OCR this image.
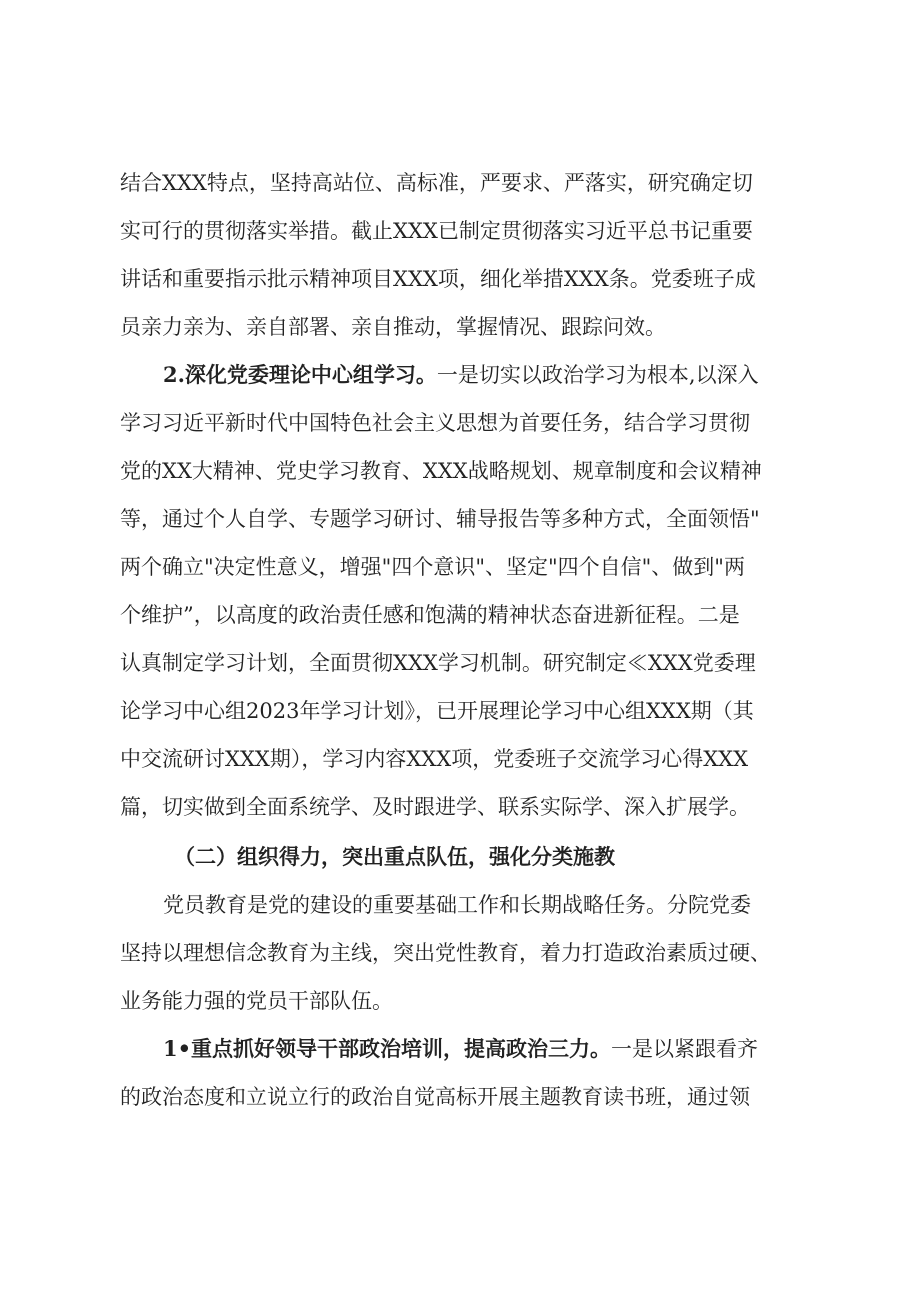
结合XXX特点，坚持高站位、高标准，严要求、严落实，研究确定切
实可行的贯彻落实举措。截止XXX已制定贯彻落实习近平总书记重要
讲话和重要指示批示精神项目XXX项，细化举措XXX条。党委班子成
员亲力亲为、亲自部署、亲自推动，掌握情况、跟踪问效。
2.深化党委理论中心组学习。一是切实以政治学习为根本,以深入
学习习近平新时代中国特色社会主义思想为首要任务，结合学习贯彻
党的XX大精神、党史学习教育、XXX战略规划、规章制度和会议精神
等，通过个人自学、专题学习研讨、辅导报告等多种方式，全面领悟"
两个确立"决定性意义，增强"四个意识"、坚定"四个自信"、做到"两
个维护”，以高度的政治责任感和饱满的精神状态奋进新征程。二是
认真制定学习计划，全面贯彻XXX学习机制。研究制定≪XXX党委理
论学习中心组2023年学习计划》，已开展理论学习中心组XXX期（其
中交流研讨XXX期），学习内容XXX项，党委班子交流学习心得XXX
篇，切实做到全面系统学、及时跟进学、联系实际学、深入扩展学。
（二）组织得力，突出重点队伍，强化分类施教
党员教育是党的建设的重要基础工作和长期战略任务。分院党委
坚持以理想信念教育为主线，突出党性教育，着力打造政治素质过硬、
业务能力强的党员干部队伍。
1•重点抓好领导干部政治培训，提高政治三力。一是以紧跟看齐
的政治态度和立说立行的政治自觉高标开展主题教育读书班，通过领
